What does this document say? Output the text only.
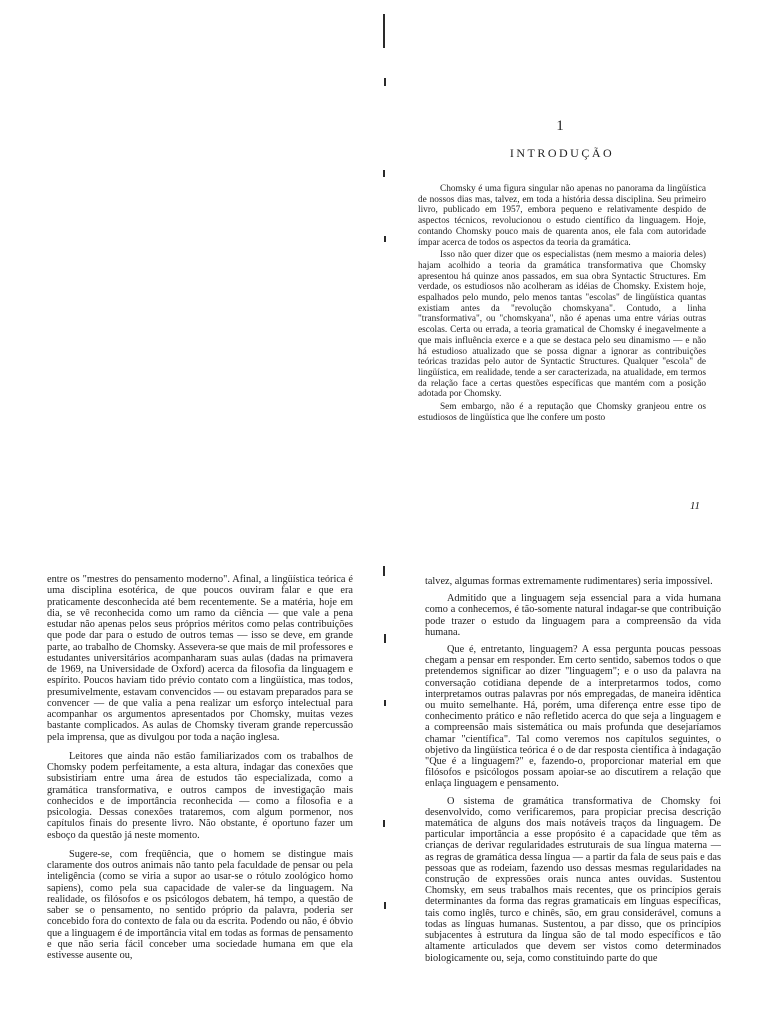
1
INTRODUÇÃO

Chomsky é uma figura singular não apenas no panorama da lingüística de nossos dias mas, talvez, em toda a história dessa disciplina. Seu primeiro livro, publicado em 1957, embora pequeno e relativamente despido de aspectos técnicos, revolucionou o estudo científico da linguagem. Hoje, contando Chomsky pouco mais de quarenta anos, ele fala com autoridade ímpar acerca de todos os aspectos da teoria da gramática.

Isso não quer dizer que os especialistas (nem mesmo a maioria deles) hajam acolhido a teoria da gramática transformativa que Chomsky apresentou há quinze anos passados, em sua obra Syntactic Structures. Em verdade, os estudiosos não acolheram as idéias de Chomsky. Existem hoje, espalhados pelo mundo, pelo menos tantas "escolas" de lingüística quantas existiam antes da "revolução chomskyana". Contudo, a linha "transformativa", ou "chomskyana", não é apenas uma entre várias outras escolas. Certa ou errada, a teoria gramatical de Chomsky é inegavelmente a que mais influência exerce e a que se destaca pelo seu dinamismo — e não há estudioso atualizado que se possa dignar a ignorar as contribuições teóricas trazidas pelo autor de Syntactic Structures. Qualquer "escola" de lingüística, em realidade, tende a ser caracterizada, na atualidade, em termos da relação face a certas questões específicas que mantém com a posição adotada por Chomsky.

Sem embargo, não é a reputação que Chomsky granjeou entre os estudiosos de lingüística que lhe confere um posto

11

entre os "mestres do pensamento moderno". Afinal, a lingüística teórica é uma disciplina esotérica, de que poucos ouviram falar e que era praticamente desconhecida até bem recentemente. Se a matéria, hoje em dia, se vê reconhecida como um ramo da ciência — que vale a pena estudar não apenas pelos seus próprios méritos como pelas contribuições que pode dar para o estudo de outros temas — isso se deve, em grande parte, ao trabalho de Chomsky. Assevera-se que mais de mil professores e estudantes universitários acompanharam suas aulas (dadas na primavera de 1969, na Universidade de Oxford) acerca da filosofia da linguagem e espírito. Poucos haviam tido prévio contato com a lingüística, mas todos, presumivelmente, estavam convencidos — ou estavam preparados para se convencer — de que valia a pena realizar um esforço intelectual para acompanhar os argumentos apresentados por Chomsky, muitas vezes bastante complicados. As aulas de Chomsky tiveram grande repercussão pela imprensa, que as divulgou por toda a nação inglesa.

Leitores que ainda não estão familiarizados com os trabalhos de Chomsky podem perfeitamente, a esta altura, indagar das conexões que subsistiriam entre uma área de estudos tão especializada, como a gramática transformativa, e outros campos de investigação mais conhecidos e de importância reconhecida — como a filosofia e a psicologia. Dessas conexões trataremos, com algum pormenor, nos capítulos finais do presente livro. Não obstante, é oportuno fazer um esboço da questão já neste momento.

Sugere-se, com freqüência, que o homem se distingue mais claramente dos outros animais não tanto pela faculdade de pensar ou pela inteligência (como se viria a supor ao usar-se o rótulo zoológico homo sapiens), como pela sua capacidade de valer-se da linguagem. Na realidade, os filósofos e os psicólogos debatem, há tempo, a questão de saber se o pensamento, no sentido próprio da palavra, poderia ser concebido fora do contexto de fala ou da escrita. Podendo ou não, é óbvio que a linguagem é de importância vital em todas as formas de pensamento e que não seria fácil conceber uma sociedade humana em que ela estivesse ausente ou,

talvez, algumas formas extremamente rudimentares) seria impossível.

Admitido que a linguagem seja essencial para a vida humana como a conhecemos, é tão-somente natural indagar-se que contribuição pode trazer o estudo da linguagem para a compreensão da vida humana.

Que é, entretanto, linguagem? A essa pergunta poucas pessoas chegam a pensar em responder. Em certo sentido, sabemos todos o que pretendemos significar ao dizer "linguagem"; e o uso da palavra na conversação cotidiana depende de a interpretarmos todos, como interpretamos outras palavras por nós empregadas, de maneira idêntica ou muito semelhante. Há, porém, uma diferença entre esse tipo de conhecimento prático e não refletido acerca do que seja a linguagem e a compreensão mais sistemática ou mais profunda que desejaríamos chamar "científica". Tal como veremos nos capítulos seguintes, o objetivo da lingüística teórica é o de dar resposta científica à indagação "Que é a linguagem?" e, fazendo-o, proporcionar material em que filósofos e psicólogos possam apoiar-se ao discutirem a relação que enlaça linguagem e pensamento.

O sistema de gramática transformativa de Chomsky foi desenvolvido, como verificaremos, para propiciar precisa descrição matemática de alguns dos mais notáveis traços da linguagem. De particular importância a esse propósito é a capacidade que têm as crianças de derivar regularidades estruturais de sua língua materna — as regras de gramática dessa língua — a partir da fala de seus pais e das pessoas que as rodeiam, fazendo uso dessas mesmas regularidades na construção de expressões orais nunca antes ouvidas. Sustentou Chomsky, em seus trabalhos mais recentes, que os princípios gerais determinantes da forma das regras gramaticais em línguas específicas, tais como inglês, turco e chinês, são, em grau considerável, comuns a todas as línguas humanas. Sustentou, a par disso, que os princípios subjacentes à estrutura da língua são de tal modo específicos e tão altamente articulados que devem ser vistos como determinados biologicamente ou, seja, como constituindo parte do que
